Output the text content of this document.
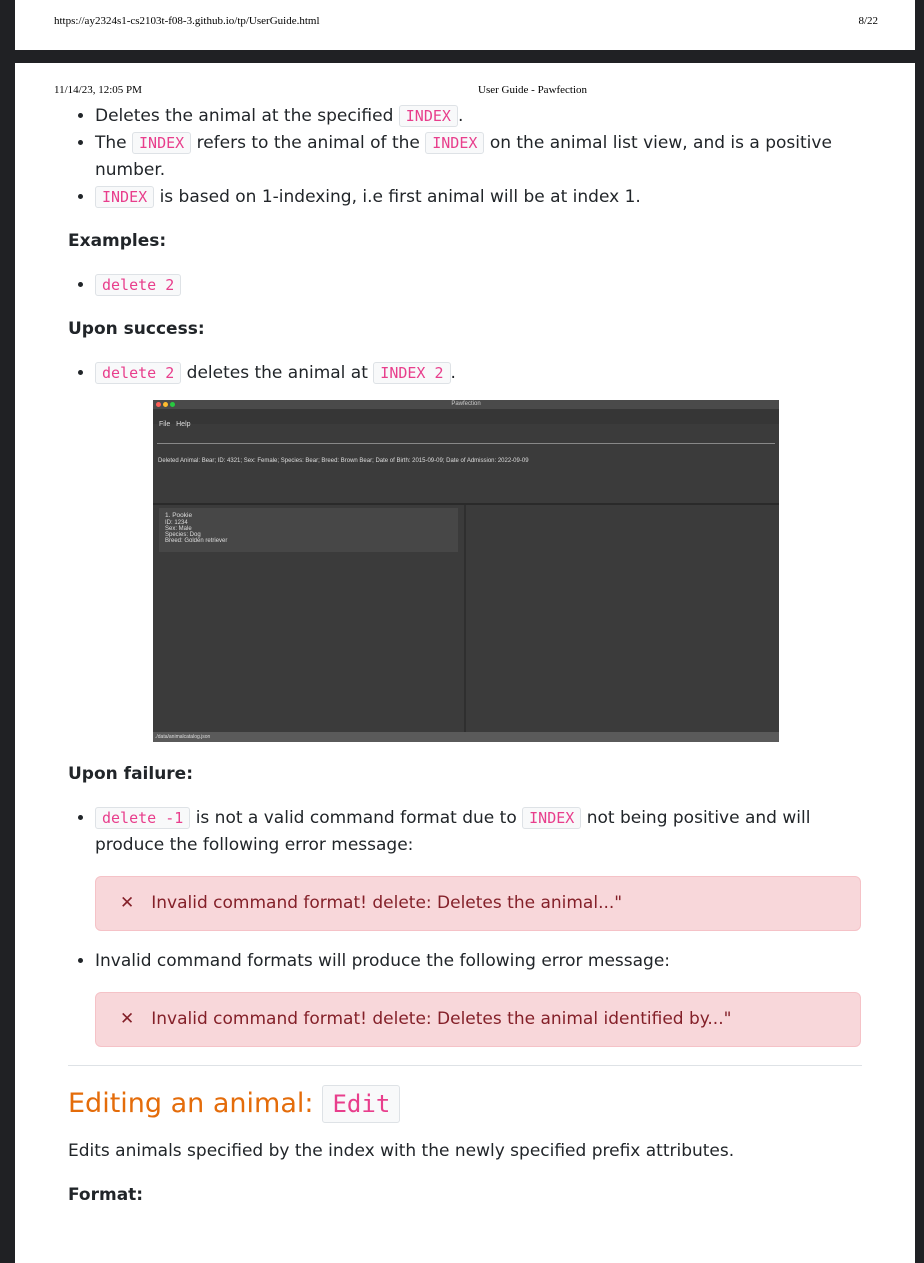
https://ay2324s1-cs2103t-f08-3.github.io/tp/UserGuide.html	8/22
11/14/23, 12:05 PM	User Guide - Pawfection
• Deletes the animal at the specified INDEX .
• The INDEX refers to the animal of the INDEX on the animal list view, and is a positive number.
• INDEX is based on 1-indexing, i.e first animal will be at index 1.
Examples:
• delete 2
Upon success:
• delete 2 deletes the animal at INDEX 2 .
Pawfection
File Help
Deleted Animal: Bear; ID: 4321; Sex: Female; Species: Bear; Breed: Brown Bear; Date of Birth: 2015-09-09; Date of Admission: 2022-09-09
1. Pookie
ID: 1234
Sex: Male
Species: Dog
Breed: Golden retriever
./data/animalcatalog.json
Upon failure:
• delete -1 is not a valid command format due to INDEX not being positive and will produce the following error message:
✕ Invalid command format! delete: Deletes the animal..."
• Invalid command formats will produce the following error message:
✕ Invalid command format! delete: Deletes the animal identified by..."
Editing an animal: Edit

Edits animals specified by the index with the newly specified prefix attributes.

Format:
